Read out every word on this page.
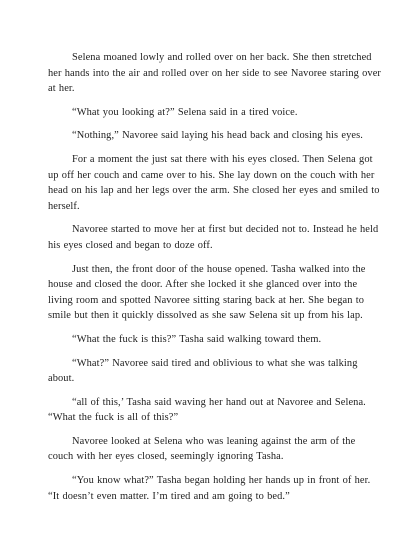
Selena moaned lowly and rolled over on her back. She then stretched her hands into the air and rolled over on her side to see Navoree staring over at her.

“What you looking at?” Selena said in a tired voice.

“Nothing,” Navoree said laying his head back and closing his eyes.

For a moment the just sat there with his eyes closed. Then Selena got up off her couch and came over to his. She lay down on the couch with her head on his lap and her legs over the arm. She closed her eyes and smiled to herself.

Navoree started to move her at first but decided not to. Instead he held his eyes closed and began to doze off.

Just then, the front door of the house opened. Tasha walked into the house and closed the door. After she locked it she glanced over into the living room and spotted Navoree sitting staring back at her. She began to smile but then it quickly dissolved as she saw Selena sit up from his lap.

“What the fuck is this?” Tasha said walking toward them.

“What?” Navoree said tired and oblivious to what she was talking about.

“all of this,’ Tasha said waving her hand out at Navoree and Selena. “What the fuck is all of this?”

Navoree looked at Selena who was leaning against the arm of the couch with her eyes closed, seemingly ignoring Tasha.

“You know what?” Tasha began holding her hands up in front of her. “It doesn’t even matter. I’m tired and am going to bed.”
